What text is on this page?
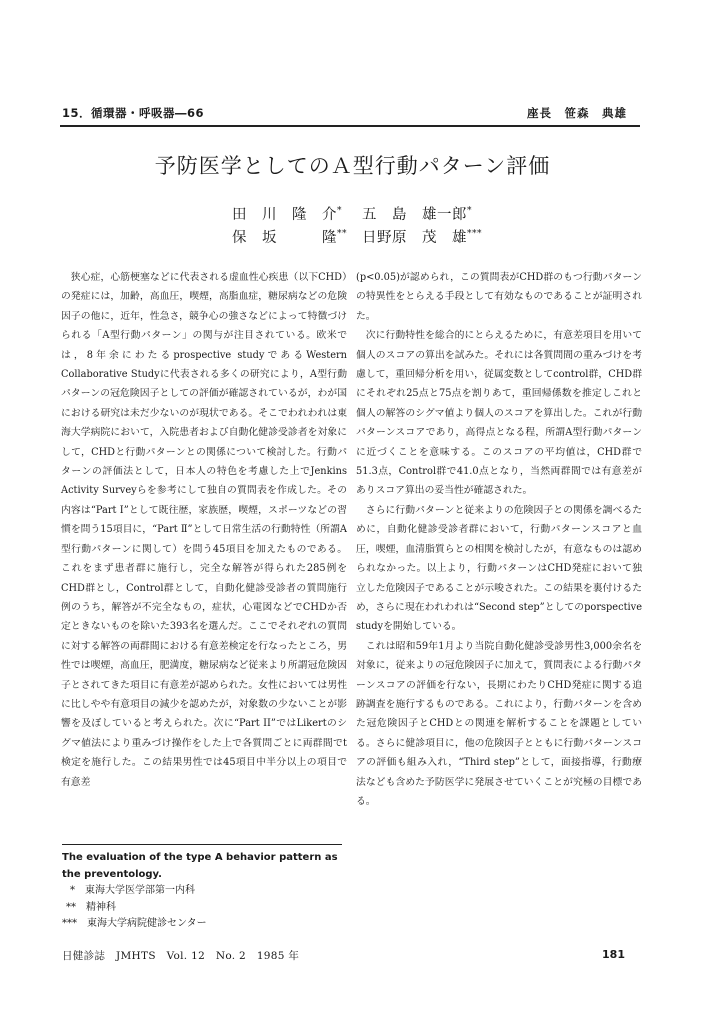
15．循環器・呼吸器―66	座長　笹森　典雄
予防医学としてのＡ型行動パターン評価
田　川　隆　介* 五　島　雄一郎*
保　坂　　　隆** 日野原　茂　雄***

狭心症，心筋梗塞などに代表される虚血性心疾患（以下CHD）の発症には，加齢，高血圧，喫煙，高脂血症，糖尿病などの危険因子の他に，近年，性急さ，競争心の強さなどによって特徴づけられる「A型行動パターン」の関与が注目されている。欧米では，8年余にわたるprospective studyであるWestern Collaborative Studyに代表される多くの研究により，A型行動パターンの冠危険因子としての評価が確認されているが，わが国における研究は未だ少ないのが現状である。そこでわれわれは東海大学病院において，入院患者および自動化健診受診者を対象にして，CHDと行動パターンとの関係について検討した。行動パターンの評価法として，日本人の特色を考慮した上でJenkins Activity Surveyらを参考にして独自の質問表を作成した。その内容は“Part Ⅰ”として既往歴，家族歴，喫煙，スポーツなどの習慣を問う15項目に，“Part Ⅱ”として日常生活の行動特性（所謂A型行動パターンに関して）を問う45項目を加えたものである。これをまず患者群に施行し，完全な解答が得られた285例をCHD群とし，Control群として，自動化健診受診者の質問施行例のうち，解答が不完全なもの，症状，心電図などでCHDか否定ときないものを除いた393名を選んだ。ここでそれぞれの質問に対する解答の両群間における有意差検定を行なったところ，男性では喫煙，高血圧，肥満度，糖尿病など従来より所謂冠危険因子とされてきた項目に有意差が認められた。女性においては男性に比しやや有意項目の減少を認めたが，対象数の少ないことが影響を及ぼしていると考えられた。次に“Part II”ではLikertのシグマ値法により重みづけ操作をした上で各質問ごとに両群間でt検定を施行した。この結果男性では45項目中半分以上の項目で有意差

(p<0.05)が認められ，この質問表がCHD群のもつ行動パターンの特異性をとらえる手段として有効なものであることが証明された。

次に行動特性を総合的にとらえるために，有意差項目を用いて個人のスコアの算出を試みた。それには各質問間の重みづけを考慮して，重回帰分析を用い，従属変数としてcontrol群，CHD群にそれぞれ25点と75点を割りあて，重回帰係数を推定しこれと個人の解答のシグマ値より個人のスコアを算出した。これが行動パターンスコアであり，高得点となる程，所謂A型行動パターンに近づくことを意味する。このスコアの平均値は，CHD群で51.3点，Control群で41.0点となり，当然両群間では有意差がありスコア算出の妥当性が確認された。

さらに行動パターンと従来よりの危険因子との関係を調べるために，自動化健診受診者群において，行動パターンスコアと血圧，喫煙，血清脂質らとの相関を検討したが，有意なものは認められなかった。以上より，行動パターンはCHD発症において独立した危険因子であることが示唆された。この結果を裏付けるため，さらに現在われわれは“Second step”としてのporspective studyを開始している。

これは昭和59年1月より当院自動化健診受診男性3,000余名を対象に，従来よりの冠危険因子に加えて，質問表による行動パターンスコアの評価を行ない，長期にわたりCHD発症に関する追跡調査を施行するものである。これにより，行動パターンを含めた冠危険因子とCHDとの関連を解析することを課題としている。さらに健診項目に，他の危険因子とともに行動パターンスコアの評価も組み入れ，“Third step”として，面接指導，行動療法なども含めた予防医学に発展させていくことが究極の目標である。

The evaluation of the type A behavior pattern as the preventology.
*　東海大学医学部第一内科
**　精神科
***　東海大学病院健診センター
日健診誌　JMHTS　Vol. 12　No. 2　1985 年	181
